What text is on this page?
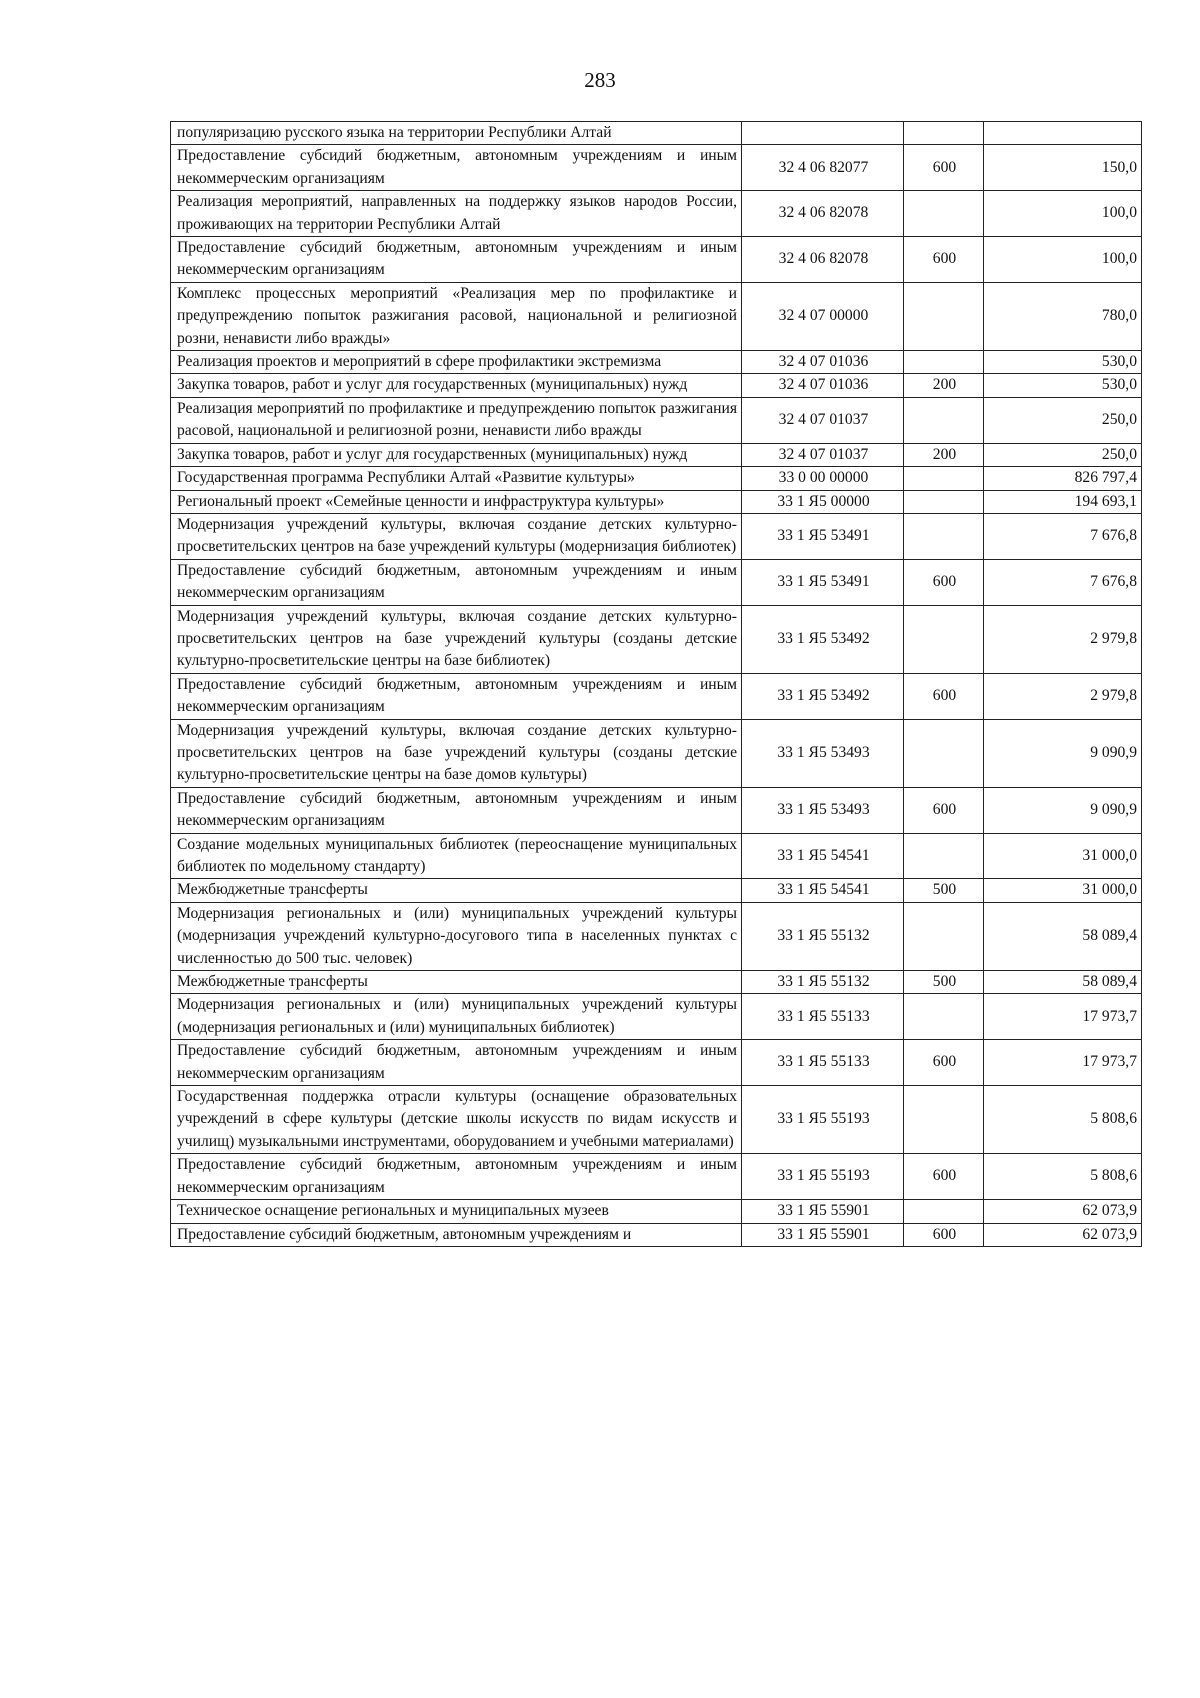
283
популяризацию русского языка на территории Республики Алтай			
Предоставление субсидий бюджетным, автономным учреждениям и иным некоммерческим организациям	32 4 06 82077	600	150,0
Реализация мероприятий, направленных на поддержку языков народов России, проживающих на территории Республики Алтай	32 4 06 82078		100,0
Предоставление субсидий бюджетным, автономным учреждениям и иным некоммерческим организациям	32 4 06 82078	600	100,0
Комплекс процессных мероприятий «Реализация мер по профилактике и предупреждению попыток разжигания расовой, национальной и религиозной розни, ненависти либо вражды»	32 4 07 00000		780,0
Реализация проектов и мероприятий в сфере профилактики экстремизма	32 4 07 01036		530,0
Закупка товаров, работ и услуг для государственных (муниципальных) нужд	32 4 07 01036	200	530,0
Реализация мероприятий по профилактике и предупреждению попыток разжигания расовой, национальной и религиозной розни, ненависти либо вражды	32 4 07 01037		250,0
Закупка товаров, работ и услуг для государственных (муниципальных) нужд	32 4 07 01037	200	250,0
Государственная программа Республики Алтай «Развитие культуры»	33 0 00 00000		826 797,4
Региональный проект «Семейные ценности и инфраструктура культуры»	33 1 Я5 00000		194 693,1
Модернизация учреждений культуры, включая создание детских культурно-просветительских центров на базе учреждений культуры (модернизация библиотек)	33 1 Я5 53491		7 676,8
Предоставление субсидий бюджетным, автономным учреждениям и иным некоммерческим организациям	33 1 Я5 53491	600	7 676,8
Модернизация учреждений культуры, включая создание детских культурно-просветительских центров на базе учреждений культуры (созданы детские культурно-просветительские центры на базе библиотек)	33 1 Я5 53492		2 979,8
Предоставление субсидий бюджетным, автономным учреждениям и иным некоммерческим организациям	33 1 Я5 53492	600	2 979,8
Модернизация учреждений культуры, включая создание детских культурно-просветительских центров на базе учреждений культуры (созданы детские культурно-просветительские центры на базе домов культуры)	33 1 Я5 53493		9 090,9
Предоставление субсидий бюджетным, автономным учреждениям и иным некоммерческим организациям	33 1 Я5 53493	600	9 090,9
Создание модельных муниципальных библиотек (переоснащение муниципальных библиотек по модельному стандарту)	33 1 Я5 54541		31 000,0
Межбюджетные трансферты	33 1 Я5 54541	500	31 000,0
Модернизация региональных и (или) муниципальных учреждений культуры (модернизация учреждений культурно-досугового типа в населенных пунктах с численностью до 500 тыс. человек)	33 1 Я5 55132		58 089,4
Межбюджетные трансферты	33 1 Я5 55132	500	58 089,4
Модернизация региональных и (или) муниципальных учреждений культуры (модернизация региональных и (или) муниципальных библиотек)	33 1 Я5 55133		17 973,7
Предоставление субсидий бюджетным, автономным учреждениям и иным некоммерческим организациям	33 1 Я5 55133	600	17 973,7
Государственная поддержка отрасли культуры (оснащение образовательных учреждений в сфере культуры (детские школы искусств по видам искусств и училищ) музыкальными инструментами, оборудованием и учебными материалами)	33 1 Я5 55193		5 808,6
Предоставление субсидий бюджетным, автономным учреждениям и иным некоммерческим организациям	33 1 Я5 55193	600	5 808,6
Техническое оснащение региональных и муниципальных музеев	33 1 Я5 55901		62 073,9
Предоставление субсидий бюджетным, автономным учреждениям и	33 1 Я5 55901	600	62 073,9
